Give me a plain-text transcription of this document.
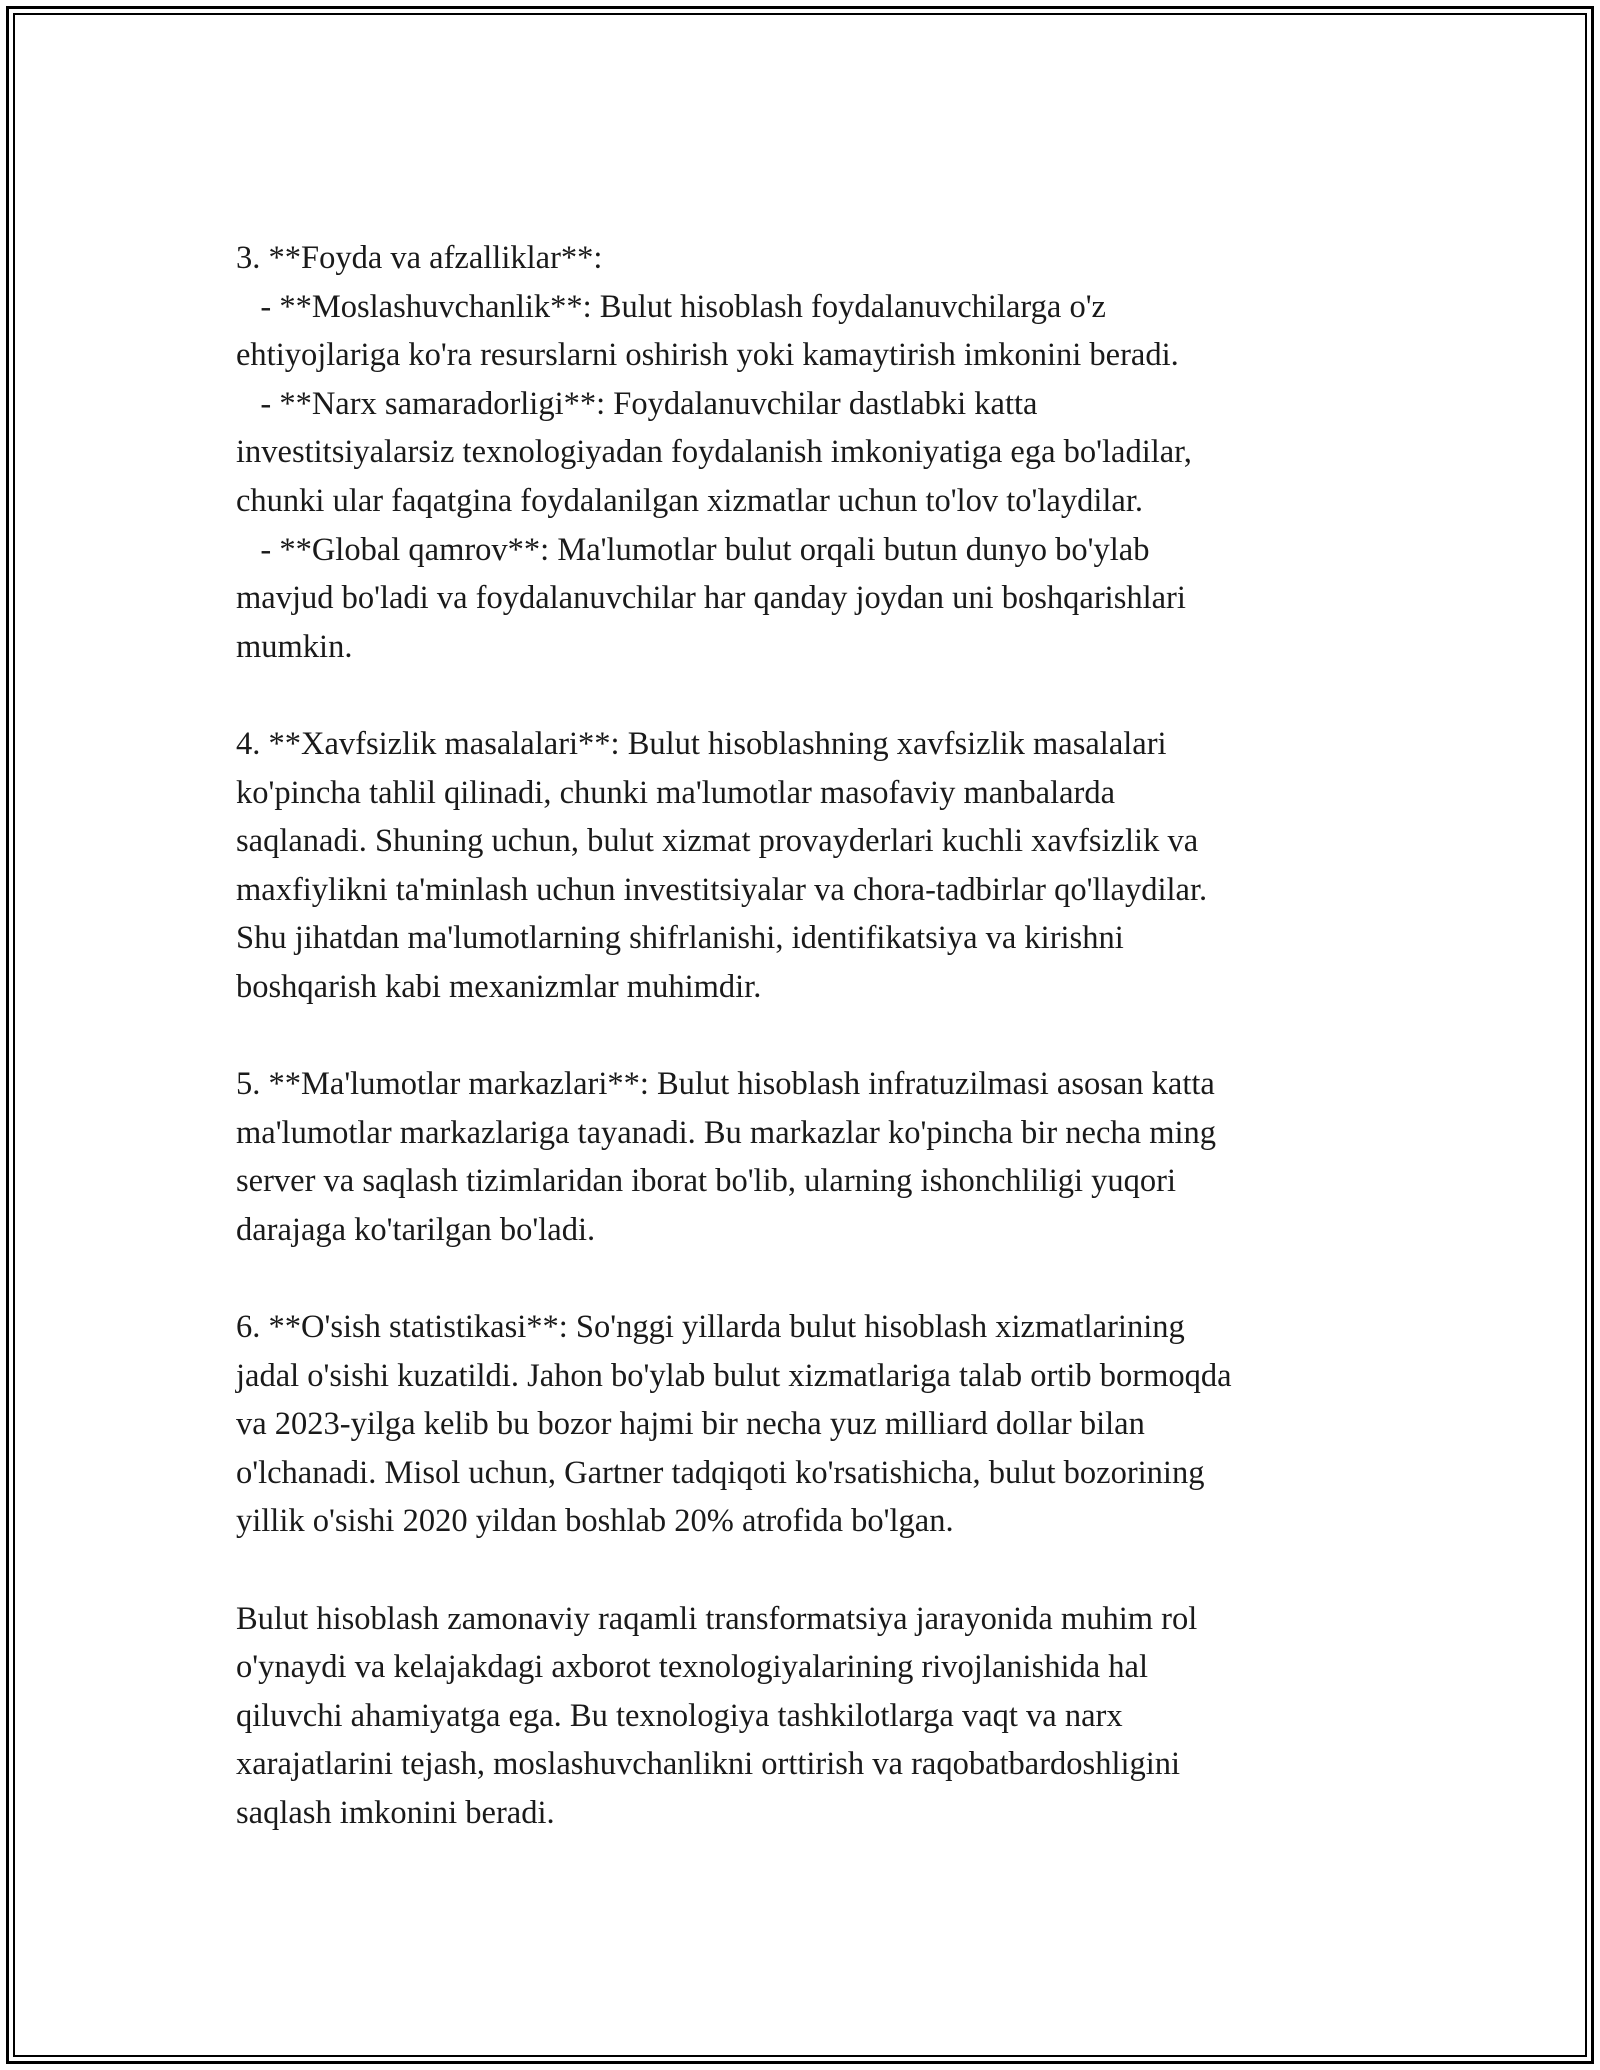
3. **Foyda va afzalliklar**:
- **Moslashuvchanlik**: Bulut hisoblash foydalanuvchilarga o'z
ehtiyojlariga ko'ra resurslarni oshirish yoki kamaytirish imkonini beradi.
- **Narx samaradorligi**: Foydalanuvchilar dastlabki katta
investitsiyalarsiz texnologiyadan foydalanish imkoniyatiga ega bo'ladilar,
chunki ular faqatgina foydalanilgan xizmatlar uchun to'lov to'laydilar.
- **Global qamrov**: Ma'lumotlar bulut orqali butun dunyo bo'ylab
mavjud bo'ladi va foydalanuvchilar har qanday joydan uni boshqarishlari
mumkin.
4. **Xavfsizlik masalalari**: Bulut hisoblashning xavfsizlik masalalari
ko'pincha tahlil qilinadi, chunki ma'lumotlar masofaviy manbalarda
saqlanadi. Shuning uchun, bulut xizmat provayderlari kuchli xavfsizlik va
maxfiylikni ta'minlash uchun investitsiyalar va chora-tadbirlar qo'llaydilar.
Shu jihatdan ma'lumotlarning shifrlanishi, identifikatsiya va kirishni
boshqarish kabi mexanizmlar muhimdir.
5. **Ma'lumotlar markazlari**: Bulut hisoblash infratuzilmasi asosan katta
ma'lumotlar markazlariga tayanadi. Bu markazlar ko'pincha bir necha ming
server va saqlash tizimlaridan iborat bo'lib, ularning ishonchliligi yuqori
darajaga ko'tarilgan bo'ladi.
6. **O'sish statistikasi**: So'nggi yillarda bulut hisoblash xizmatlarining
jadal o'sishi kuzatildi. Jahon bo'ylab bulut xizmatlariga talab ortib bormoqda
va 2023-yilga kelib bu bozor hajmi bir necha yuz milliard dollar bilan
o'lchanadi. Misol uchun, Gartner tadqiqoti ko'rsatishicha, bulut bozorining
yillik o'sishi 2020 yildan boshlab 20% atrofida bo'lgan.
Bulut hisoblash zamonaviy raqamli transformatsiya jarayonida muhim rol
o'ynaydi va kelajakdagi axborot texnologiyalarining rivojlanishida hal
qiluvchi ahamiyatga ega. Bu texnologiya tashkilotlarga vaqt va narx
xarajatlarini tejash, moslashuvchanlikni orttirish va raqobatbardoshligini
saqlash imkonini beradi.
